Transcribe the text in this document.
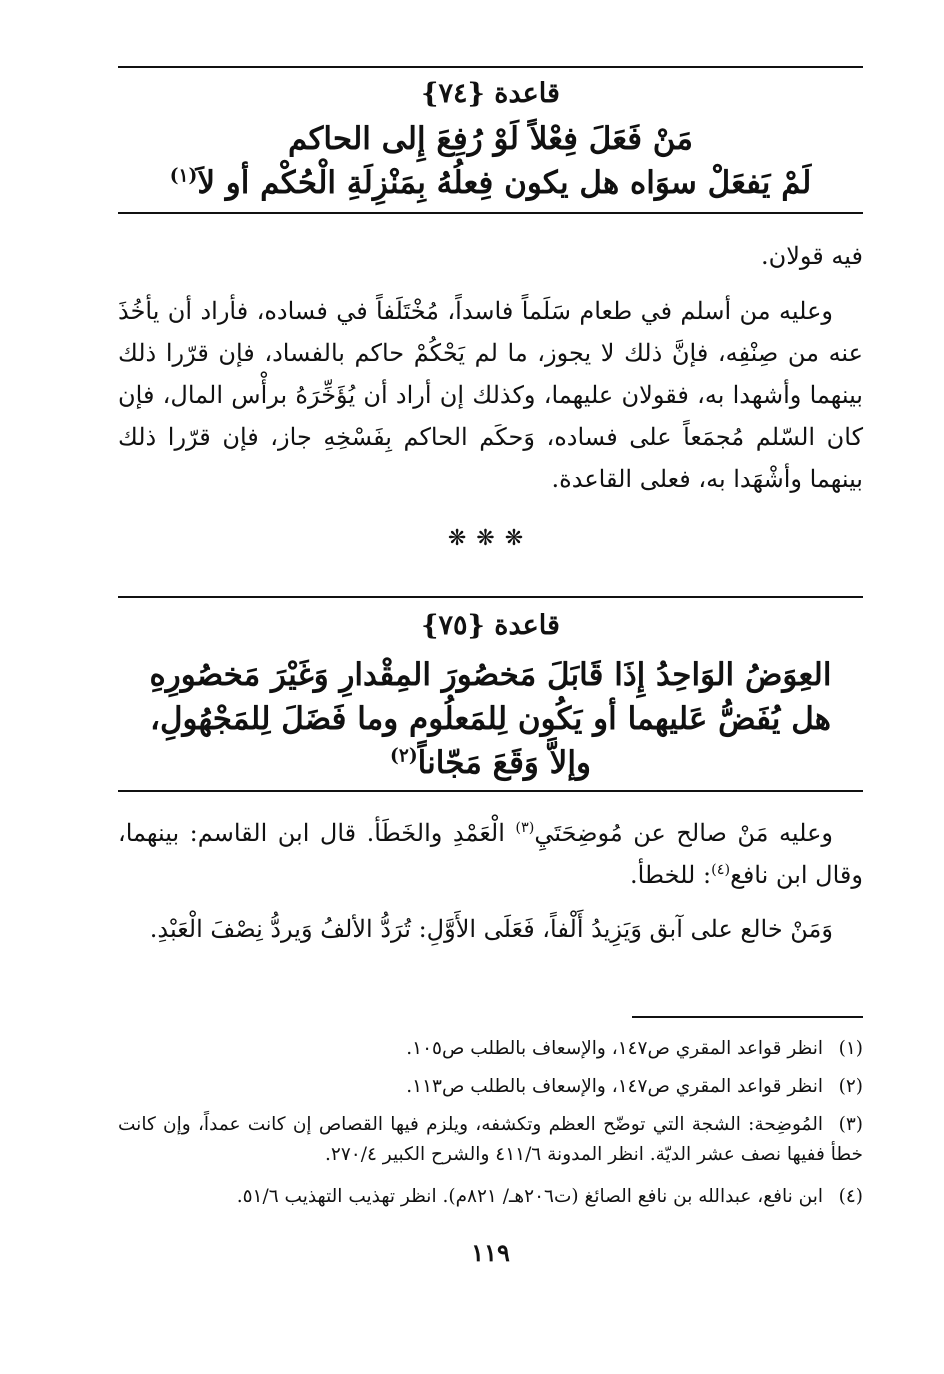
قاعدة {٧٤}
مَنْ فَعَلَ فِعْلاً لَوْ رُفِعَ إِلى الحاكم
لَمْ يَفعَلْ سوَاه هل يكون فِعلُهُ بِمَنْزِلَةِ الْحُكْم أو لاَ$^{(١)}$
فيه قولان.
وعليه من أسلم في طعام سَلَماً فاسداً، مُخْتَلَفاً في فساده، فأراد أن يأخُذَ عنه من صِنْفِه، فإنَّ ذلك لا يجوز، ما لم يَحْكُمْ حاكم بالفساد، فإن قرّرا ذلك بينهما وأشهدا به، فقولان عليهما، وكذلك إن أراد أن يُؤَخِّرَهُ برأْس المال، فإن كان السّلم مُجمَعاً على فساده، وَحكَم الحاكم بِفَسْخِهِ جاز، فإن قرّرا ذلك بينهما وأشْهَدا به، فعلى القاعدة.
❋❋❋
قاعدة {٧٥}
العِوَضُ الوَاحِدُ إِذَا قَابَلَ مَخصُورَ المِقْدارِ وَغَيْرَ مَخصُورِهِ
هل يُفَضُّ عَليهما أو يَكُون لِلمَعلُوم وما فَضَلَ لِلمَجْهُولِ،
وإلاَّ وَقَعَ مَجّاناً$^{(٢)}$
وعليه مَنْ صالح عن مُوضِحَتَيِ$^{(٣)}$ الْعَمْدِ والخَطَأ. قال ابن القاسم: بينهما، وقال ابن نافع$^{(٤)}$: للخطأ.
وَمَنْ خالع على آبق وَيَزِيدُ أَلْفاً، فَعَلَى الأَوَّلِ: تُرَدُّ الألفُ وَيردُّ نِصْفَ الْعَبْدِ.
(١)انظر قواعد المقري ص١٤٧، والإسعاف بالطلب ص١٠٥.
(٢)انظر قواعد المقري ص١٤٧، والإسعاف بالطلب ص١١٣.
(٣)المُوضِحة: الشجة التي توضّح العظم وتكشفه، ويلزم فيها القصاص إن كانت عمداً، وإن كانت خطأ ففيها نصف عشر الديّة. انظر المدونة ٤١١/٦ والشرح الكبير ٢٧٠/٤.
(٤)ابن نافع، عبدالله بن نافع الصائغ (ت٢٠٦هـ/ ٨٢١م). انظر تهذيب التهذيب ٥١/٦.
١١٩
